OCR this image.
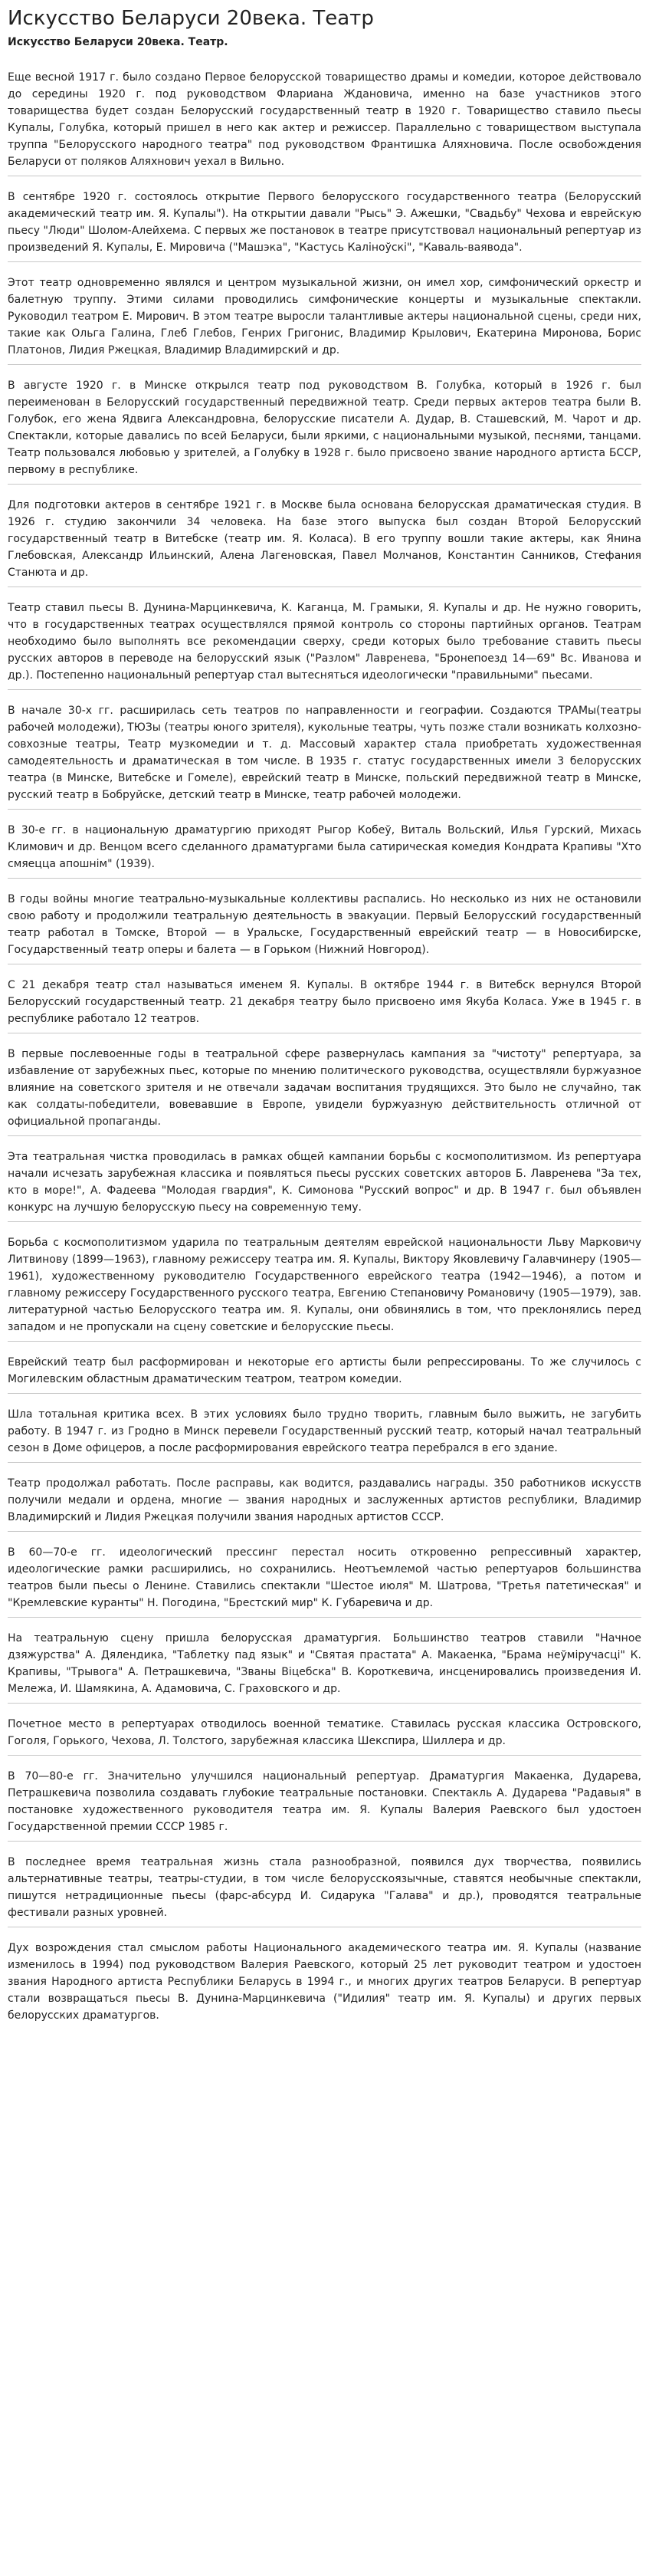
Искусство Беларуси 20века. Театр
Искусство Беларуси 20века. Театр.

Еще весной 1917 г. было создано Первое белорусской товарищество драмы и комедии, которое действовало до середины 1920 г. под руководством Флариана Ждановича, именно на базе участников этого товарищества будет создан Белорусский государственный театр в 1920 г. Товарищество ставило пьесы Купалы, Голубка, который пришел в него как актер и режиссер. Параллельно с товариществом выступала труппа "Белорусского народного театра" под руководством Франтишка Аляхновича. После освобождения Беларуси от поляков Аляхнович уехал в Вильно.

В сентябре 1920 г. состоялось открытие Первого белорусского государственного театра (Белорусский академический театр им. Я. Купалы"). На открытии давали "Рысь" Э. Ажешки, "Свадьбу" Чехова и еврейскую пьесу "Люди" Шолом-Алейхема. С первых же постановок в театре присутствовал национальный репертуар из произведений Я. Купалы, Е. Мировича ("Машэка", "Кастусь Каліноўскі", "Каваль-ваявода".

Этот театр одновременно являлся и центром музыкальной жизни, он имел хор, симфонический оркестр и балетную труппу. Этими силами проводились симфонические концерты и музыкальные спектакли. Руководил театром Е. Мирович. В этом театре выросли талантливые актеры национальной сцены, среди них, такие как Ольга Галина, Глеб Глебов, Генрих Григонис, Владимир Крылович, Екатерина Миронова, Борис Платонов, Лидия Ржецкая, Владимир Владимирский и др.

В августе 1920 г. в Минске открылся театр под руководством В. Голубка, который в 1926 г. был переименован в Белорусский государственный передвижной театр. Среди первых актеров театра были В. Голубок, его жена Ядвига Александровна, белорусские писатели А. Дудар, В. Сташевский, М. Чарот и др. Спектакли, которые давались по всей Беларуси, были яркими, с национальными музыкой, песнями, танцами. Театр пользовался любовью у зрителей, а Голубку в 1928 г. было присвоено звание народного артиста БССР, первому в республике.

Для подготовки актеров в сентябре 1921 г. в Москве была основана белорусская драматическая студия. В 1926 г. студию закончили 34 человека. На базе этого выпуска был создан Второй Белорусский государственный театр в Витебске (театр им. Я. Коласа). В его труппу вошли такие актеры, как Янина Глебовская, Александр Ильинский, Алена Лагеновская, Павел Молчанов, Константин Санников, Стефания Станюта и др.

Театр ставил пьесы В. Дунина-Марцинкевича, К. Каганца, М. Грамыки, Я. Купалы и др. Не нужно говорить, что в государственных театрах осуществлялся прямой контроль со стороны партийных органов. Театрам необходимо было выполнять все рекомендации сверху, среди которых было требование ставить пьесы русских авторов в переводе на белорусский язык ("Разлом" Лавренева, "Бронепоезд 14—69" Вс. Иванова и др.). Постепенно национальный репертуар стал вытесняться идеологически "правильными" пьесами.

В начале 30-х гг. расширилась сеть театров по направленности и географии. Создаются ТРАМы(театры рабочей молодежи), ТЮЗы (театры юного зрителя), кукольные театры, чуть позже стали возникать колхозно-совхозные театры, Театр музкомедии и т. д. Массовый характер стала приобретать художественная самодеятельность и драматическая в том числе. В 1935 г. статус государственных имели 3 белорусских театра (в Минске, Витебске и Гомеле), еврейский театр в Минске, польский передвижной театр в Минске, русский театр в Бобруйске, детский театр в Минске, театр рабочей молодежи.

В 30-е гг. в национальную драматургию приходят Рыгор Кобеў, Виталь Вольский, Илья Гурский, Михась Климович и др. Венцом всего сделанного драматургами была сатирическая комедия Кондрата Крапивы "Хто смяецца апошнім" (1939).

В годы войны многие театрально-музыкальные коллективы распались. Но несколько из них не остановили свою работу и продолжили театральную деятельность в эвакуации. Первый Белорусский государственный театр работал в Томске, Второй — в Уральске, Государственный еврейский театр — в Новосибирске, Государственный театр оперы и балета — в Горьком (Нижний Новгород).

С 21 декабря театр стал называться именем Я. Купалы. В октябре 1944 г. в Витебск вернулся Второй Белорусский государственный театр. 21 декабря театру было присвоено имя Якуба Коласа. Уже в 1945 г. в республике работало 12 театров.

В первые послевоенные годы в театральной сфере развернулась кампания за "чистоту" репертуара, за избавление от зарубежных пьес, которые по мнению политического руководства, осуществляли буржуазное влияние на советского зрителя и не отвечали задачам воспитания трудящихся. Это было не случайно, так как солдаты-победители, вовевавшие в Европе, увидели буржуазную действительность отличной от официальной пропаганды.

Эта театральная чистка проводилась в рамках общей кампании борьбы с космополитизмом. Из репертуара начали исчезать зарубежная классика и появляться пьесы русских советских авторов Б. Лавренева "За тех, кто в море!", А. Фадеева "Молодая гвардия", К. Симонова "Русский вопрос" и др. В 1947 г. был объявлен конкурс на лучшую белорусскую пьесу на современную тему.

Борьба с космополитизмом ударила по театральным деятелям еврейской национальности Льву Марковичу Литвинову (1899—1963), главному режиссеру театра им. Я. Купалы, Виктору Яковлевичу Галавчинеру (1905—1961), художественному руководителю Государственного еврейского театра (1942—1946), а потом и главному режиссеру Государственного русского театра, Евгению Степановичу Романовичу (1905—1979), зав. литературной частью Белорусского театра им. Я. Купалы, они обвинялись в том, что преклонялись перед западом и не пропускали на сцену советские и белорусские пьесы.

Еврейский театр был расформирован и некоторые его артисты были репрессированы. То же случилось с Могилевским областным драматическим театром, театром комедии.

Шла тотальная критика всех. В этих условиях было трудно творить, главным было выжить, не загубить работу. В 1947 г. из Гродно в Минск перевели Государственный русский театр, который начал театральный сезон в Доме офицеров, а после расформирования еврейского театра перебрался в его здание.

Театр продолжал работать. После расправы, как водится, раздавались награды. 350 работников искусств получили медали и ордена, многие — звания народных и заслуженных артистов республики, Владимир Владимирский и Лидия Ржецкая получили звания народных артистов СССР.

В 60—70-е гг. идеологический прессинг перестал носить откровенно репрессивный характер, идеологические рамки расширились, но сохранились. Неотъемлемой частью репертуаров большинства театров были пьесы о Ленине. Ставились спектакли "Шестое июля" М. Шатрова, "Третья патетическая" и "Кремлевские куранты" Н. Погодина, "Брестский мир" К. Губаревича и др.

На театральную сцену пришла белорусская драматургия. Большинство театров ставили "Начное дзяжурства" А. Дялендика, "Таблетку пад язык" и "Святая прастата" А. Макаенка, "Брама неўміручасці" К. Крапивы, "Трывога" А. Петрашкевича, "Званы Віцебска" В. Короткевича, инсценировались произведения И. Мележа, И. Шамякина, А. Адамовича, С. Граховского и др.

Почетное место в репертуарах отводилось военной тематике. Ставилась русская классика Островского, Гоголя, Горького, Чехова, Л. Толстого, зарубежная классика Шекспира, Шиллера и др.

В 70—80-е гг. Значительно улучшился национальный репертуар. Драматургия Макаенка, Дударева, Петрашкевича позволила создавать глубокие театральные постановки. Спектакль А. Дударева "Радавыя" в постановке художественного руководителя театра им. Я. Купалы Валерия Раевского был удостоен Государственной премии СССР 1985 г.

В последнее время театральная жизнь стала разнообразной, появился дух творчества, появились альтернативные театры, театры-студии, в том числе белорусскоязычные, ставятся необычные спектакли, пишутся нетрадиционные пьесы (фарс-абсурд И. Сидарука "Галава" и др.), проводятся театральные фестивали разных уровней.

Дух возрождения стал смыслом работы Национального академического театра им. Я. Купалы (название изменилось в 1994) под руководством Валерия Раевского, который 25 лет руководит театром и удостоен звания Народного артиста Республики Беларусь в 1994 г., и многих других театров Беларуси. В репертуар стали возвращаться пьесы В. Дунина-Марцинкевича ("Идилия" театр им. Я. Купалы) и других первых белорусских драматургов.
